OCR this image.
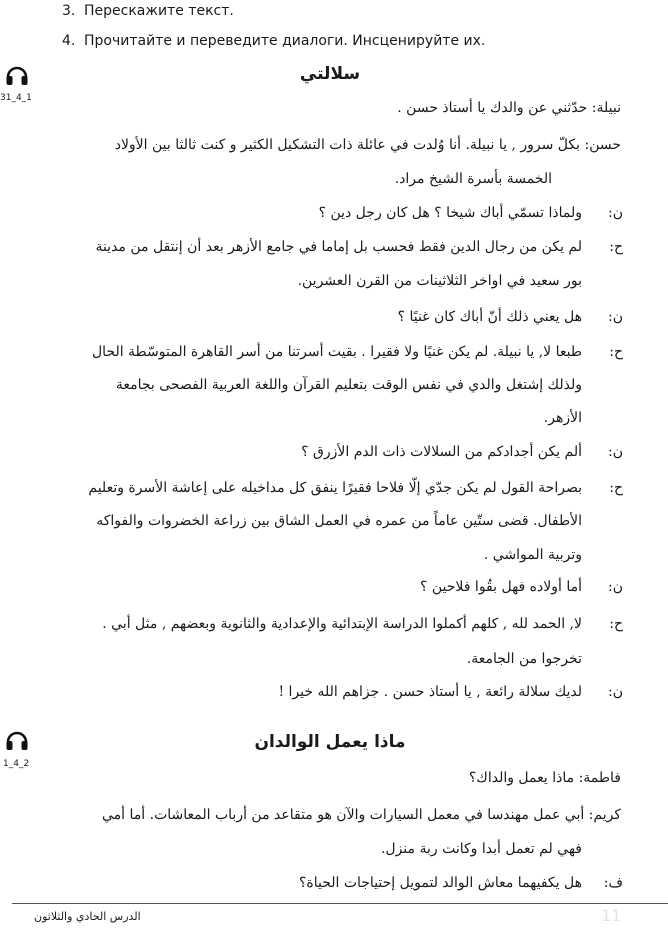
3. Перескажите текст.
4. Прочитайте и переведите диалоги. Инсценируйте их.
31_4_1
سلالتي
نبيلة: حدّثني عن والدك يا أستاذ حسن .
حسن: بكلّ سرور , يا نبيلة. أنا وُلدت في عائلة ذات التشكيل الكثير و كنت ثالثا بين الأولاد
الخمسة بأسرة الشيخ مراد.
ن:
ولماذا تسمّي أباك شيخا ؟ هل كان رجل دين ؟
ح:
لم يكن من رجال الدين فقط فحسب بل إماما في جامع الأزهر بعد أن إنتقل من مدينة
بور سعيد في اواخر الثلاثينات من القرن العشرين.
ن:
هل يعني ذلك أنّ أباك كان غنيًا ؟
ح:
طبعا لا, يا نبيلة. لم يكن غنيًا ولا فقيرا . بقيت أسرتنا من أسر القاهرة المتوسّطة الحال
ولذلك إشتغل والدي في نفس الوقت بتعليم القرآن واللغة العربية الفصحى بجامعة
الأزهر.
ن:
ألم يكن أجدادكم من السلالات ذات الدم الأزرق ؟
ح:
بصراحة القول لم يكن جدّي إلّا فلاحا فقيرًا ينفق كل مداخيله على إعاشة الأسرة وتعليم
الأطفال. قضى ستّين عاماً من عمره في العمل الشاق بين زراعة الخضروات والفواكه
وتربية المواشي .
ن:
أما أولاده فهل بقُوا فلاحين ؟
ح:
لا, الحمد لله , كلهم أكملوا الدراسة الإبتدائية والإعدادية والثانوية وبعضهم , مثل أبي .
تخرجوا من الجامعة.
ن:
لديك سلالة رائعة , يا أستاذ حسن . جزاهم الله خيرا !
1_4_2
ماذا يعمل الوالدان
فاطمة: ماذا يعمل والداك؟
كريم: أبي عمل مهندسا في معمل السيارات والآن هو متقاعد من أرباب المعاشات. أما أمي
فهي لم تعمل أبدا وكانت ربة منزل.
ف:
هل يكفيهما معاش الوالد لتمويل إحتياجات الحياة؟
الدرس الحادي والثلاثون	11
